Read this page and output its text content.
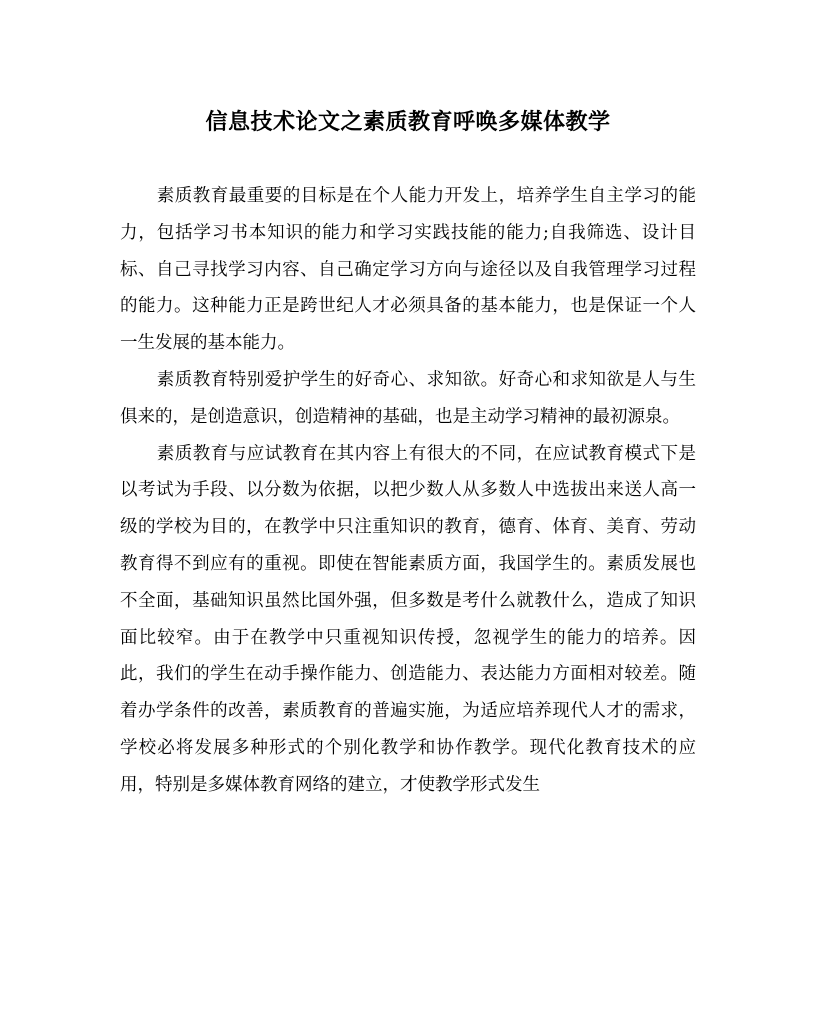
信息技术论文之素质教育呼唤多媒体教学

素质教育最重要的目标是在个人能力开发上，培养学生自主学习的能力，包括学习书本知识的能力和学习实践技能的能力;自我筛选、设计目标、自己寻找学习内容、自己确定学习方向与途径以及自我管理学习过程的能力。这种能力正是跨世纪人才必须具备的基本能力，也是保证一个人一生发展的基本能力。

素质教育特别爱护学生的好奇心、求知欲。好奇心和求知欲是人与生俱来的，是创造意识，创造精神的基础，也是主动学习精神的最初源泉。

素质教育与应试教育在其内容上有很大的不同，在应试教育模式下是以考试为手段、以分数为依据，以把少数人从多数人中选拔出来送人高一级的学校为目的，在教学中只注重知识的教育，德育、体育、美育、劳动教育得不到应有的重视。即使在智能素质方面，我国学生的。素质发展也不全面，基础知识虽然比国外强，但多数是考什么就教什么，造成了知识面比较窄。由于在教学中只重视知识传授，忽视学生的能力的培养。因此，我们的学生在动手操作能力、创造能力、表达能力方面相对较差。随着办学条件的改善，素质教育的普遍实施，为适应培养现代人才的需求，学校必将发展多种形式的个别化教学和协作教学。现代化教育技术的应用，特别是多媒体教育网络的建立，才使教学形式发生
